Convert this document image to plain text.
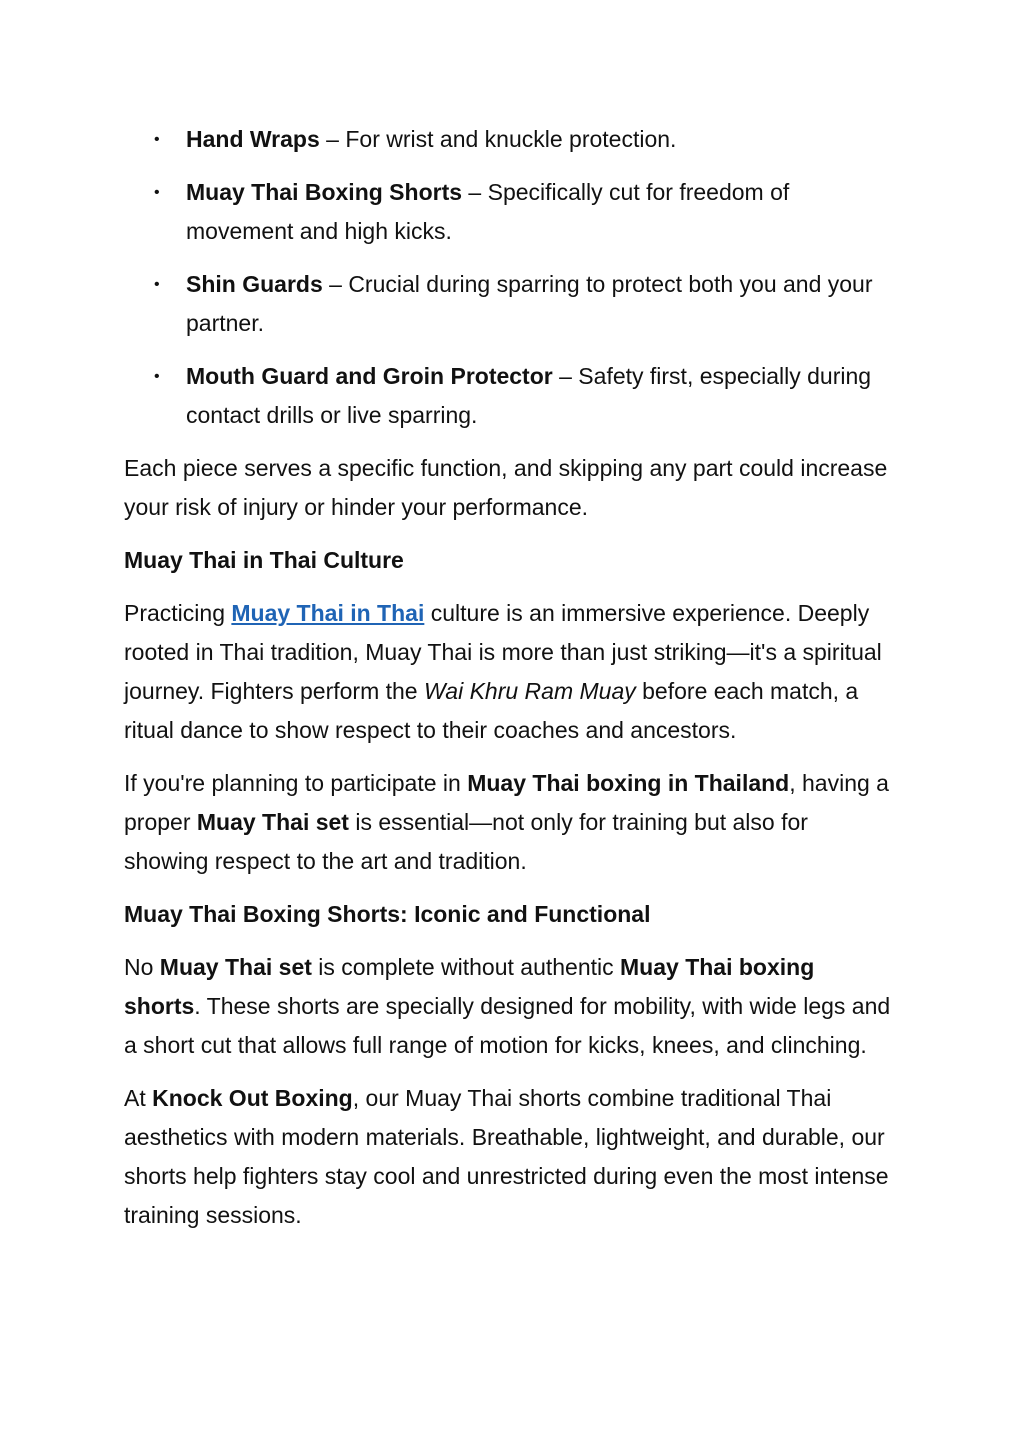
• Hand Wraps – For wrist and knuckle protection.
• Muay Thai Boxing Shorts – Specifically cut for freedom of movement and high kicks.
• Shin Guards – Crucial during sparring to protect both you and your partner.
• Mouth Guard and Groin Protector – Safety first, especially during contact drills or live sparring.

Each piece serves a specific function, and skipping any part could increase your risk of injury or hinder your performance.

Muay Thai in Thai Culture

Practicing Muay Thai in Thai culture is an immersive experience. Deeply rooted in Thai tradition, Muay Thai is more than just striking—it's a spiritual journey. Fighters perform the Wai Khru Ram Muay before each match, a ritual dance to show respect to their coaches and ancestors.

If you're planning to participate in Muay Thai boxing in Thailand, having a proper Muay Thai set is essential—not only for training but also for showing respect to the art and tradition.

Muay Thai Boxing Shorts: Iconic and Functional

No Muay Thai set is complete without authentic Muay Thai boxing shorts. These shorts are specially designed for mobility, with wide legs and a short cut that allows full range of motion for kicks, knees, and clinching.

At Knock Out Boxing, our Muay Thai shorts combine traditional Thai aesthetics with modern materials. Breathable, lightweight, and durable, our shorts help fighters stay cool and unrestricted during even the most intense training sessions.
